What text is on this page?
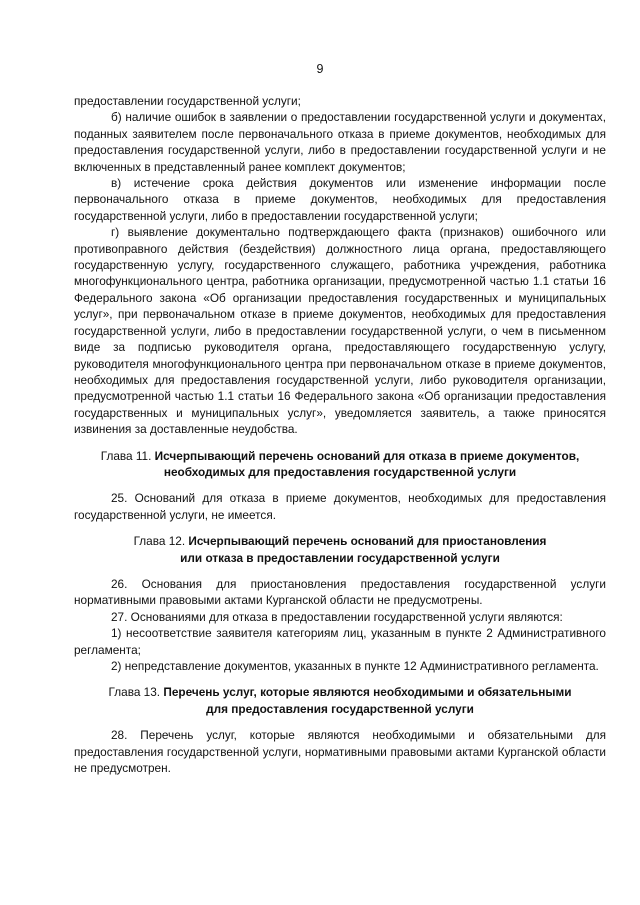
9

предоставлении государственной услуги;

б) наличие ошибок в заявлении о предоставлении государственной услуги и документах, поданных заявителем после первоначального отказа в приеме документов, необходимых для предоставления государственной услуги, либо в предоставлении государственной услуги и не включенных в представленный ранее комплект документов;

в) истечение срока действия документов или изменение информации после первоначального отказа в приеме документов, необходимых для предоставления государственной услуги, либо в предоставлении государственной услуги;

г) выявление документально подтверждающего факта (признаков) ошибочного или противоправного действия (бездействия) должностного лица органа, предоставляющего государственную услугу, государственного служащего, работника учреждения, работника многофункционального центра, работника организации, предусмотренной частью 1.1 статьи 16 Федерального закона «Об организации предоставления государственных и муниципальных услуг», при первоначальном отказе в приеме документов, необходимых для предоставления государственной услуги, либо в предоставлении государственной услуги, о чем в письменном виде за подписью руководителя органа, предоставляющего государственную услугу, руководителя многофункционального центра при первоначальном отказе в приеме документов, необходимых для предоставления государственной услуги, либо руководителя организации, предусмотренной частью 1.1 статьи 16 Федерального закона «Об организации предоставления государственных и муниципальных услуг», уведомляется заявитель, а также приносятся извинения за доставленные неудобства.

Глава 11. Исчерпывающий перечень оснований для отказа в приеме документов,
необходимых для предоставления государственной услуги

25. Оснований для отказа в приеме документов, необходимых для предоставления государственной услуги, не имеется.

Глава 12. Исчерпывающий перечень оснований для приостановления
или отказа в предоставлении государственной услуги

26. Основания для приостановления предоставления государственной услуги нормативными правовыми актами Курганской области не предусмотрены.

27. Основаниями для отказа в предоставлении государственной услуги являются:

1) несоответствие заявителя категориям лиц, указанным в пункте 2 Административного регламента;

2) непредставление документов, указанных в пункте 12 Административного регламента.

Глава 13. Перечень услуг, которые являются необходимыми и обязательными
для предоставления государственной услуги

28. Перечень услуг, которые являются необходимыми и обязательными для предоставления государственной услуги, нормативными правовыми актами Курганской области не предусмотрен.
